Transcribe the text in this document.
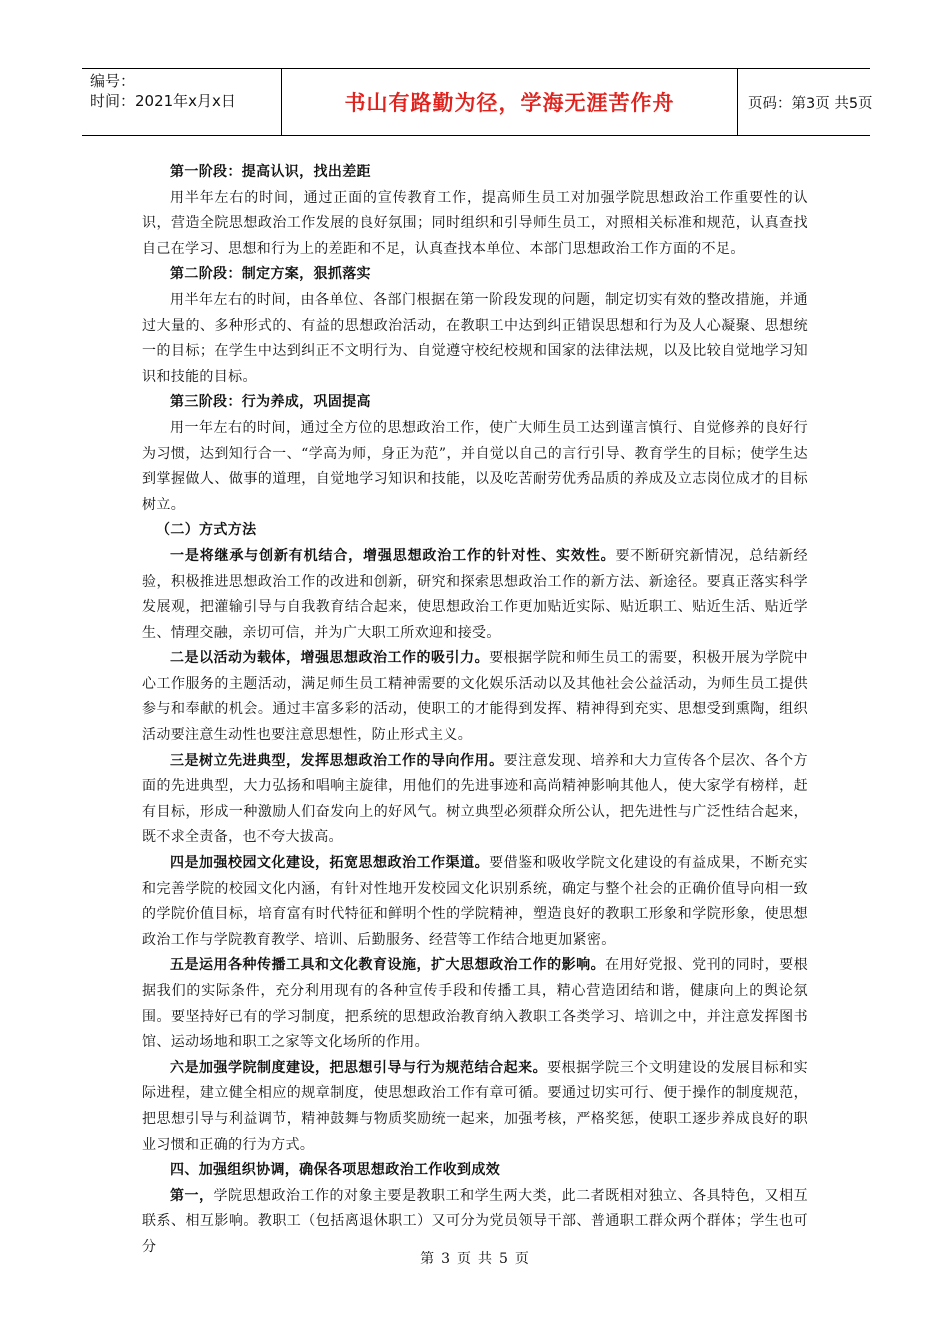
编号：
时间：2021年x月x日	书山有路勤为径，学海无涯苦作舟	页码：第3页 共5页
第一阶段：提高认识，找出差距
用半年左右的时间，通过正面的宣传教育工作，提高师生员工对加强学院思想政治工作重要性的认识，营造全院思想政治工作发展的良好氛围；同时组织和引导师生员工，对照相关标准和规范，认真查找自己在学习、思想和行为上的差距和不足，认真查找本单位、本部门思想政治工作方面的不足。
第二阶段：制定方案，狠抓落实
用半年左右的时间，由各单位、各部门根据在第一阶段发现的问题，制定切实有效的整改措施，并通过大量的、多种形式的、有益的思想政治活动，在教职工中达到纠正错误思想和行为及人心凝聚、思想统一的目标；在学生中达到纠正不文明行为、自觉遵守校纪校规和国家的法律法规，以及比较自觉地学习知识和技能的目标。
第三阶段：行为养成，巩固提高
用一年左右的时间，通过全方位的思想政治工作，使广大师生员工达到谨言慎行、自觉修养的良好行为习惯，达到知行合一、“学高为师，身正为范”，并自觉以自己的言行引导、教育学生的目标；使学生达到掌握做人、做事的道理，自觉地学习知识和技能，以及吃苦耐劳优秀品质的养成及立志岗位成才的目标树立。
（二）方式方法
一是将继承与创新有机结合，增强思想政治工作的针对性、实效性。要不断研究新情况，总结新经验，积极推进思想政治工作的改进和创新，研究和探索思想政治工作的新方法、新途径。要真正落实科学发展观，把灌输引导与自我教育结合起来，使思想政治工作更加贴近实际、贴近职工、贴近生活、贴近学生、情理交融，亲切可信，并为广大职工所欢迎和接受。
二是以活动为载体，增强思想政治工作的吸引力。要根据学院和师生员工的需要，积极开展为学院中心工作服务的主题活动，满足师生员工精神需要的文化娱乐活动以及其他社会公益活动，为师生员工提供参与和奉献的机会。通过丰富多彩的活动，使职工的才能得到发挥、精神得到充实、思想受到熏陶，组织活动要注意生动性也要注意思想性，防止形式主义。
三是树立先进典型，发挥思想政治工作的导向作用。要注意发现、培养和大力宣传各个层次、各个方面的先进典型，大力弘扬和唱响主旋律，用他们的先进事迹和高尚精神影响其他人，使大家学有榜样，赶有目标，形成一种激励人们奋发向上的好风气。树立典型必须群众所公认，把先进性与广泛性结合起来，既不求全责备，也不夸大拔高。
四是加强校园文化建设，拓宽思想政治工作渠道。要借鉴和吸收学院文化建设的有益成果，不断充实和完善学院的校园文化内涵，有针对性地开发校园文化识别系统，确定与整个社会的正确价值导向相一致的学院价值目标，培育富有时代特征和鲜明个性的学院精神，塑造良好的教职工形象和学院形象，使思想政治工作与学院教育教学、培训、后勤服务、经营等工作结合地更加紧密。
五是运用各种传播工具和文化教育设施，扩大思想政治工作的影响。在用好党报、党刊的同时，要根据我们的实际条件，充分利用现有的各种宣传手段和传播工具，精心营造团结和谐，健康向上的舆论氛围。要坚持好已有的学习制度，把系统的思想政治教育纳入教职工各类学习、培训之中，并注意发挥图书馆、运动场地和职工之家等文化场所的作用。
六是加强学院制度建设，把思想引导与行为规范结合起来。要根据学院三个文明建设的发展目标和实际进程，建立健全相应的规章制度，使思想政治工作有章可循。要通过切实可行、便于操作的制度规范，把思想引导与利益调节，精神鼓舞与物质奖励统一起来，加强考核，严格奖惩，使职工逐步养成良好的职业习惯和正确的行为方式。
四、加强组织协调，确保各项思想政治工作收到成效
第一，学院思想政治工作的对象主要是教职工和学生两大类，此二者既相对独立、各具特色，又相互联系、相互影响。教职工（包括离退休职工）又可分为党员领导干部、普通职工群众两个群体；学生也可分
第 3 页 共 5 页
